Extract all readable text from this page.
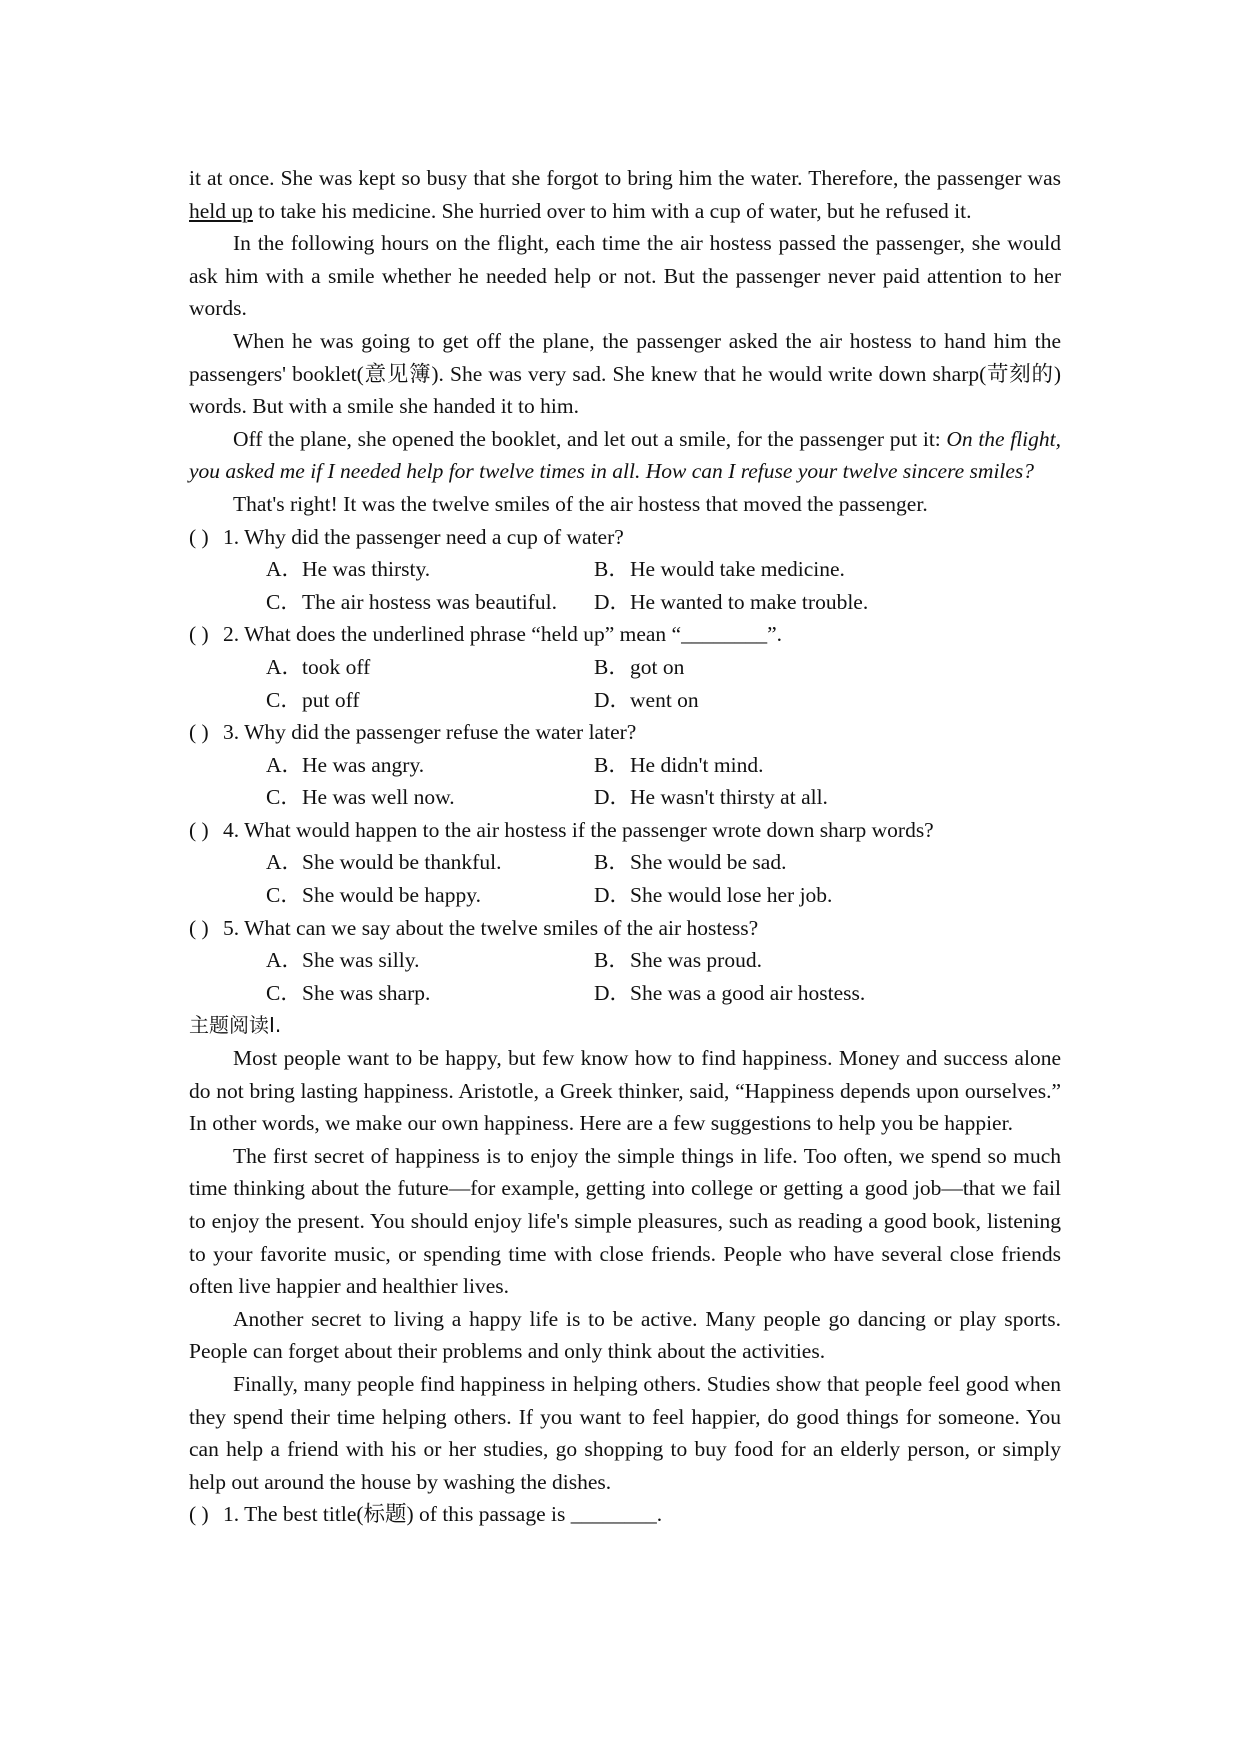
it at once. She was kept so busy that she forgot to bring him the water. Therefore, the passenger was held up to take his medicine. She hurried over to him with a cup of water, but he refused it.

In the following hours on the flight, each time the air hostess passed the passenger, she would ask him with a smile whether he needed help or not. But the passenger never paid attention to her words.

When he was going to get off the plane, the passenger asked the air hostess to hand him the passengers' booklet(意见簿). She was very sad. She knew that he would write down sharp(苛刻的) words. But with a smile she handed it to him.

Off the plane, she opened the booklet, and let out a smile, for the passenger put it: On the flight, you asked me if I needed help for twelve times in all. How can I refuse your twelve sincere smiles?

That's right! It was the twelve smiles of the air hostess that moved the passenger.

( ) 1. Why did the passenger need a cup of water?

A．He was thirsty.	B．He would take medicine.
C．The air hostess was beautiful.	D．He wanted to make trouble.

( ) 2. What does the underlined phrase “held up” mean “________”.

A．took off	B．got on
C．put off	D．went on

( ) 3. Why did the passenger refuse the water later?

A．He was angry.	B．He didn't mind.
C．He was well now.	D．He wasn't thirsty at all.

( ) 4. What would happen to the air hostess if the passenger wrote down sharp words?

A．She would be thankful.	B．She would be sad.
C．She would be happy.	D．She would lose her job.

( ) 5. What can we say about the twelve smiles of the air hostess?

A．She was silly.	B．She was proud.
C．She was sharp.	D．She was a good air hostess.

主题阅读Ⅰ.

Most people want to be happy, but few know how to find happiness. Money and success alone do not bring lasting happiness. Aristotle, a Greek thinker, said, “Happiness depends upon ourselves.” In other words, we make our own happiness. Here are a few suggestions to help you be happier.

The first secret of happiness is to enjoy the simple things in life. Too often, we spend so much time thinking about the future—for example, getting into college or getting a good job—that we fail to enjoy the present. You should enjoy life's simple pleasures, such as reading a good book, listening to your favorite music, or spending time with close friends. People who have several close friends often live happier and healthier lives.

Another secret to living a happy life is to be active. Many people go dancing or play sports. People can forget about their problems and only think about the activities.

Finally, many people find happiness in helping others. Studies show that people feel good when they spend their time helping others. If you want to feel happier, do good things for someone. You can help a friend with his or her studies, go shopping to buy food for an elderly person, or simply help out around the house by washing the dishes.

( ) 1. The best title(标题) of this passage is ________.
